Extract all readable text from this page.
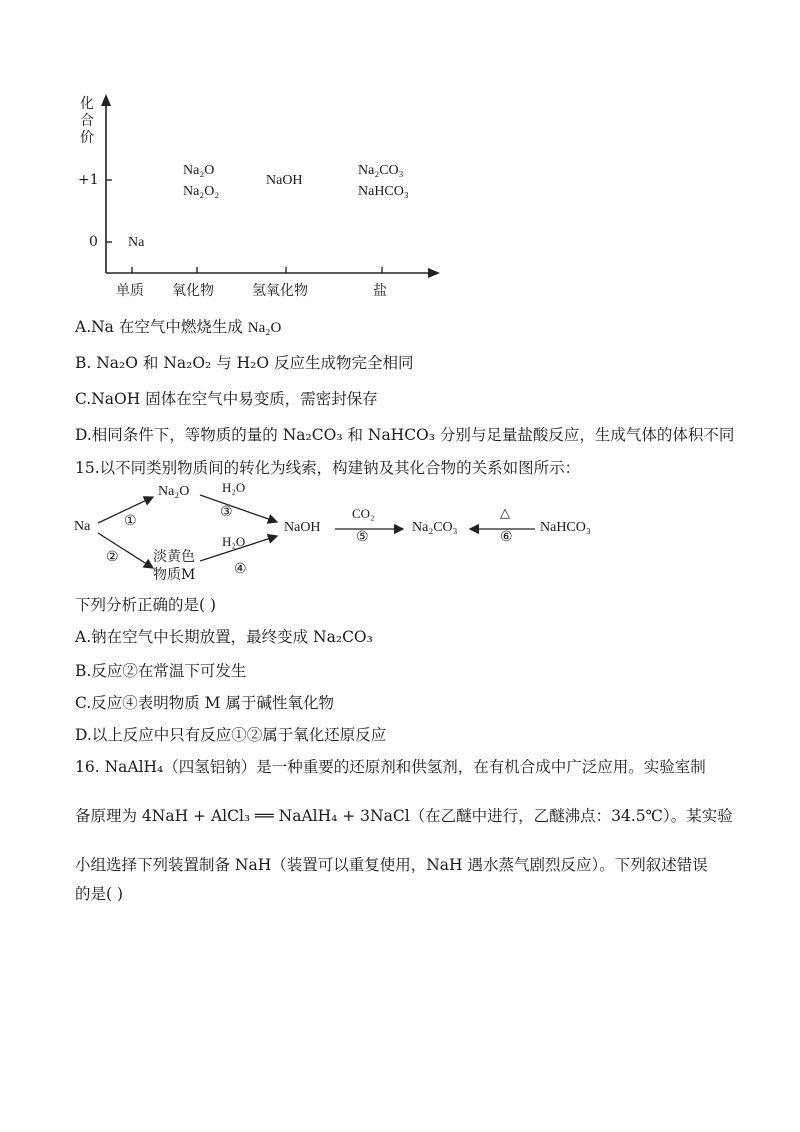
化
合
价
+1
0
单质 氧化物	氢氧化物	盐
Na
Na₂O
Na₂O₂
NaOH
Na₂CO₃
NaHCO₃
A.Na 在空气中燃烧生成 Na₂O
B. Na₂O 和 Na₂O₂ 与 H₂O 反应生成物完全相同
C.NaOH 固体在空气中易变质，需密封保存
D.相同条件下，等物质的量的 Na₂CO₃ 和 NaHCO₃ 分别与足量盐酸反应，生成气体的体积不同
15.以不同类别物质间的转化为线索，构建钠及其化合物的关系如图所示：
Na
Na₂O
淡黄色
物质M
NaOH	Na₂CO₃	NaHCO₃
H₂O
H₂O
CO₂	△
①
②
③
④
⑤	⑥
下列分析正确的是( )
A.钠在空气中长期放置，最终变成 Na₂CO₃
B.反应②在常温下可发生
C.反应④表明物质 M 属于碱性氧化物
D.以上反应中只有反应①②属于氧化还原反应
16. NaAlH₄（四氢铝钠）是一种重要的还原剂和供氢剂，在有机合成中广泛应用。实验室制
备原理为 4NaH + AlCl₃ ══ NaAlH₄ + 3NaCl（在乙醚中进行，乙醚沸点：34.5℃）。某实验
小组选择下列装置制备 NaH（装置可以重复使用，NaH 遇水蒸气剧烈反应）。下列叙述错误
的是( )
